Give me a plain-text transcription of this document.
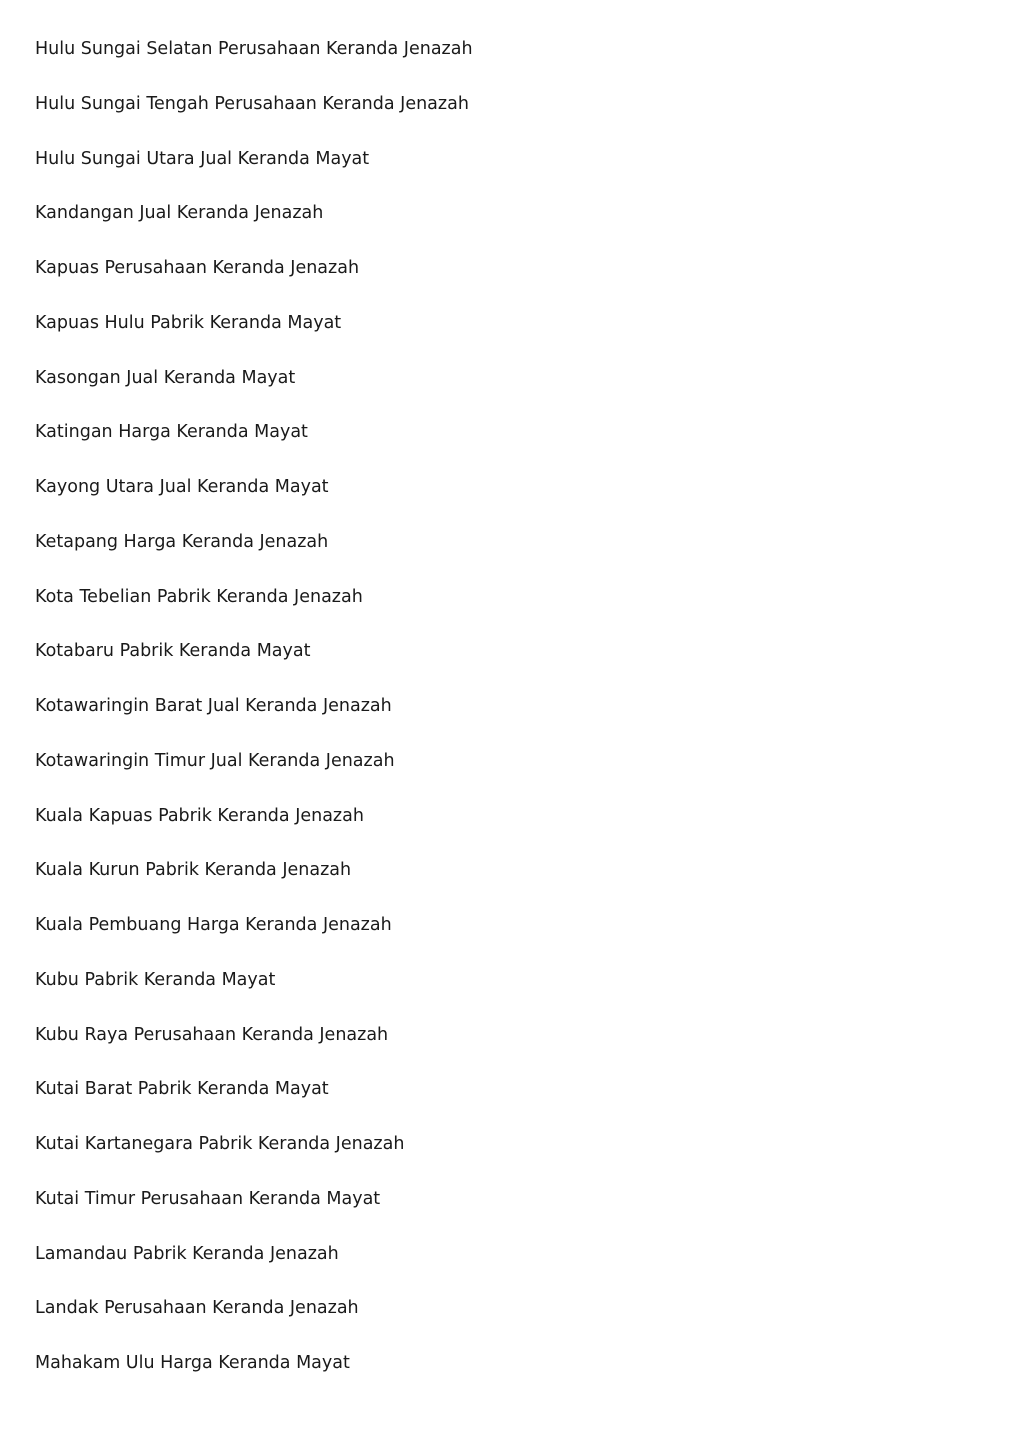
Hulu Sungai Selatan Perusahaan Keranda Jenazah
Hulu Sungai Tengah Perusahaan Keranda Jenazah
Hulu Sungai Utara Jual Keranda Mayat
Kandangan Jual Keranda Jenazah
Kapuas Perusahaan Keranda Jenazah
Kapuas Hulu Pabrik Keranda Mayat
Kasongan Jual Keranda Mayat
Katingan Harga Keranda Mayat
Kayong Utara Jual Keranda Mayat
Ketapang Harga Keranda Jenazah
Kota Tebelian Pabrik Keranda Jenazah
Kotabaru Pabrik Keranda Mayat
Kotawaringin Barat Jual Keranda Jenazah
Kotawaringin Timur Jual Keranda Jenazah
Kuala Kapuas Pabrik Keranda Jenazah
Kuala Kurun Pabrik Keranda Jenazah
Kuala Pembuang Harga Keranda Jenazah
Kubu Pabrik Keranda Mayat
Kubu Raya Perusahaan Keranda Jenazah
Kutai Barat Pabrik Keranda Mayat
Kutai Kartanegara Pabrik Keranda Jenazah
Kutai Timur Perusahaan Keranda Mayat
Lamandau Pabrik Keranda Jenazah
Landak Perusahaan Keranda Jenazah
Mahakam Ulu Harga Keranda Mayat
